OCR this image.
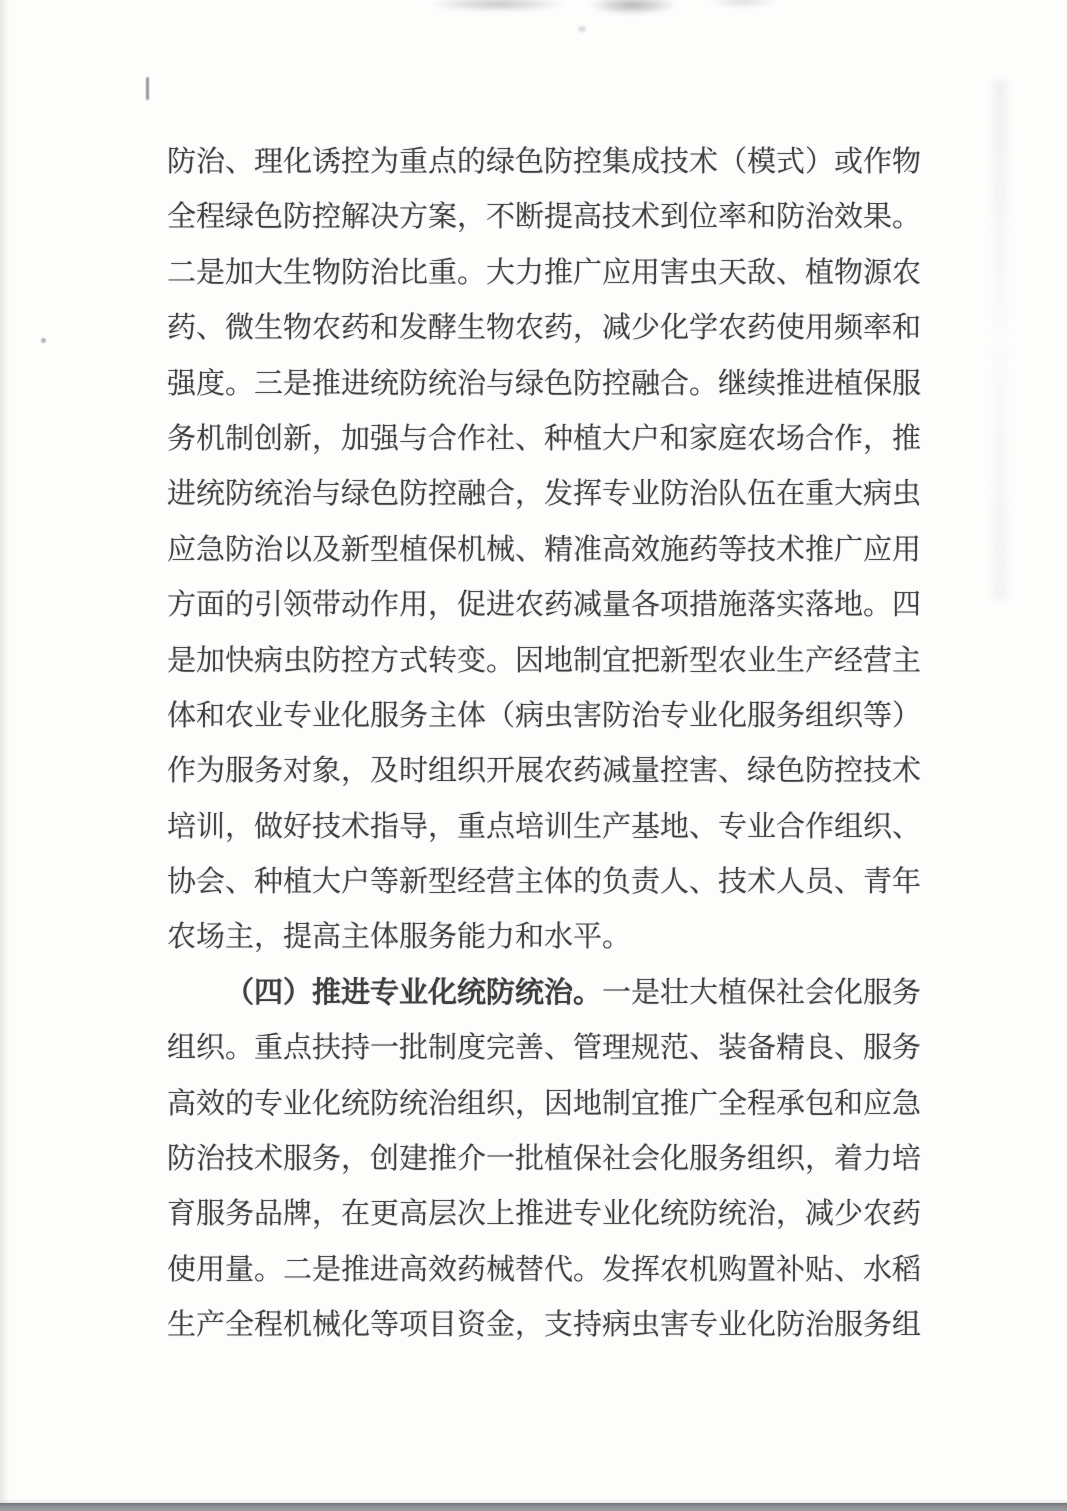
防治、理化诱控为重点的绿色防控集成技术（模式）或作物
全程绿色防控解决方案，不断提高技术到位率和防治效果。
二是加大生物防治比重。大力推广应用害虫天敌、植物源农
药、微生物农药和发酵生物农药，减少化学农药使用频率和
强度。三是推进统防统治与绿色防控融合。继续推进植保服
务机制创新，加强与合作社、种植大户和家庭农场合作，推
进统防统治与绿色防控融合，发挥专业防治队伍在重大病虫
应急防治以及新型植保机械、精准高效施药等技术推广应用
方面的引领带动作用，促进农药减量各项措施落实落地。四
是加快病虫防控方式转变。因地制宜把新型农业生产经营主
体和农业专业化服务主体（病虫害防治专业化服务组织等）
作为服务对象，及时组织开展农药减量控害、绿色防控技术
培训，做好技术指导，重点培训生产基地、专业合作组织、
协会、种植大户等新型经营主体的负责人、技术人员、青年
农场主，提高主体服务能力和水平。
（四）推进专业化统防统治。一是壮大植保社会化服务
组织。重点扶持一批制度完善、管理规范、装备精良、服务
高效的专业化统防统治组织，因地制宜推广全程承包和应急
防治技术服务，创建推介一批植保社会化服务组织，着力培
育服务品牌，在更高层次上推进专业化统防统治，减少农药
使用量。二是推进高效药械替代。发挥农机购置补贴、水稻
生产全程机械化等项目资金，支持病虫害专业化防治服务组
